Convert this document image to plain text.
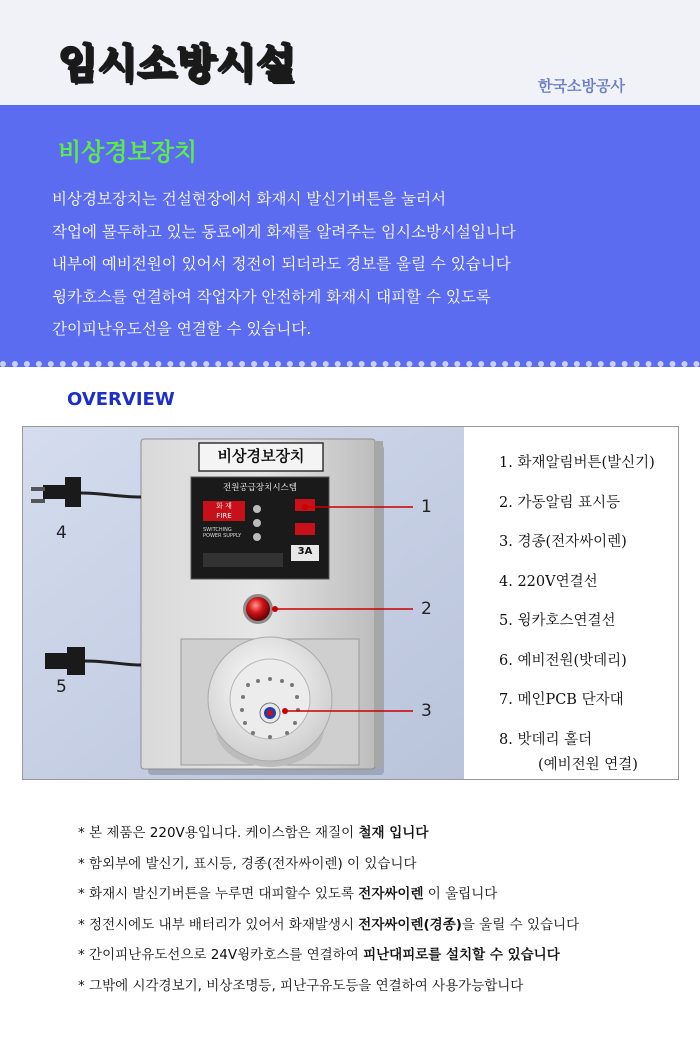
임시소방시설	한국소방공사
비상경보장치
비상경보장치는 건설현장에서 화재시 발신기버튼을 눌러서
작업에 몰두하고 있는 동료에게 화재를 알려주는 임시소방시설입니다
내부에 예비전원이 있어서 정전이 되더라도 경보를 울릴 수 있습니다
윙카호스를 연결하여 작업자가 안전하게 화재시 대피할 수 있도록
간이피난유도선을 연결할 수 있습니다.
OVERVIEW
비상경보장치
전원공급장치시스템
화 재
FIRE
SWITCHING POWER SUPPLY
3A
1
2
3
4
5
1. 화재알림버튼(발신기)
2. 가동알림 표시등
3. 경종(전자싸이렌)
4. 220V연결선
5. 윙카호스연결선
6. 예비전원(밧데리)
7. 메인PCB 단자대
8. 밧데리 홀더
(예비전원 연결)
* 본 제품은 220V용입니다. 케이스함은 재질이 철재 입니다
* 함외부에 발신기, 표시등, 경종(전자싸이렌) 이 있습니다
* 화재시 발신기버튼을 누루면 대피할수 있도록 전자싸이렌 이 울립니다
* 정전시에도 내부 배터리가 있어서 화재발생시 전자싸이렌(경종)을 울릴 수 있습니다
* 간이피난유도선으로 24V윙카호스를 연결하여 피난대피로를 설치할 수 있습니다
* 그밖에 시각경보기, 비상조명등, 피난구유도등을 연결하여 사용가능합니다
